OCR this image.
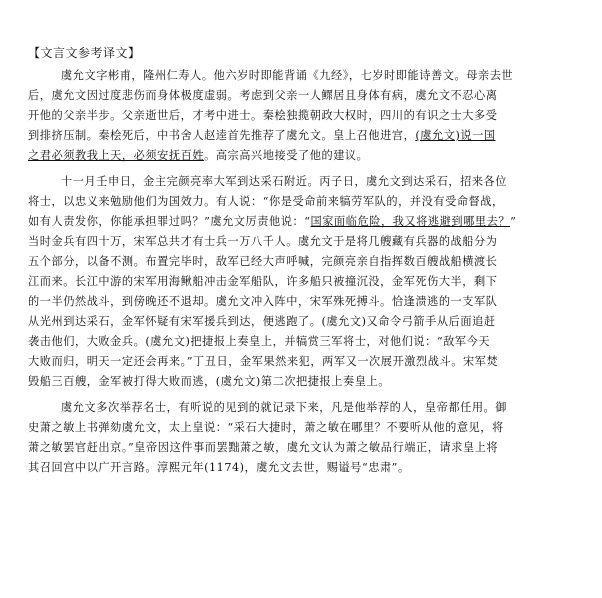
【文言文参考译文】
虞允文字彬甫，隆州仁寿人。他六岁时即能背诵《九经》，七岁时即能诗善文。母亲去世
后，虞允文因过度悲伤而身体极度虚弱。考虑到父亲一人鳏居且身体有病，虞允文不忍心离
开他的父亲半步。父亲逝世后，才考中进士。秦桧独揽朝政大权时，四川的有识之士大多受
到排挤压制。秦桧死后，中书舍人赵逵首先推荐了虞允文。皇上召他进宫，(虞允文)说一国
之君必须教我上天，必须安抚百姓。高宗高兴地接受了他的建议。
十一月壬申日，金主完颜亮率大军到达采石附近。丙子日，虞允文到达采石，招来各位
将士，以忠义来勉励他们为国效力。有人说：“你是受命前来犒劳军队的，并没有受命督战，
如有人责发你，你能承担罪过吗？”虞允文厉责他说：“国家面临危险，我又将逃避到哪里去？”
当时金兵有四十万，宋军总共才有士兵一万八千人。虞允文于是将几艘藏有兵器的战船分为
五个部分，以备不测。布置完毕时，敌军已经大声呼喊，完颜亮亲自指挥数百艘战船横渡长
江而来。长江中游的宋军用海鳅船冲击金军船队，许多船只被撞沉没，金军死伤大半，剩下
的一半仍然战斗，到傍晚还不退却。虞允文冲入阵中，宋军殊死搏斗。恰逢溃逃的一支军队
从光州到达采石，金军怀疑有宋军援兵到达，便逃跑了。(虞允文)又命令弓箭手从后面追赶
袭击他们，大败金兵。(虞允文)把捷报上奏皇上，并犒赏三军将士，对他们说：“敌军今天
大败而归，明天一定还会再来。”丁丑日，金军果然来犯，两军又一次展开激烈战斗。宋军焚
毁船三百艘，金军被打得大败而逃，(虞允文)第二次把捷报上奏皇上。
虞允文多次举荐名士，有听说的见到的就记录下来，凡是他举荐的人，皇帝都任用。御
史萧之敏上书弹劾虞允文，太上皇说：“采石大捷时，萧之敏在哪里？不要听从他的意见，将
萧之敏罢官赶出京。”皇帝因这件事而罢黜萧之敏，虞允文认为萧之敏品行端正，请求皇上将
其召回宫中以广开言路。淳熙元年(1174)，虞允文去世，赐谥号“忠肃”。
